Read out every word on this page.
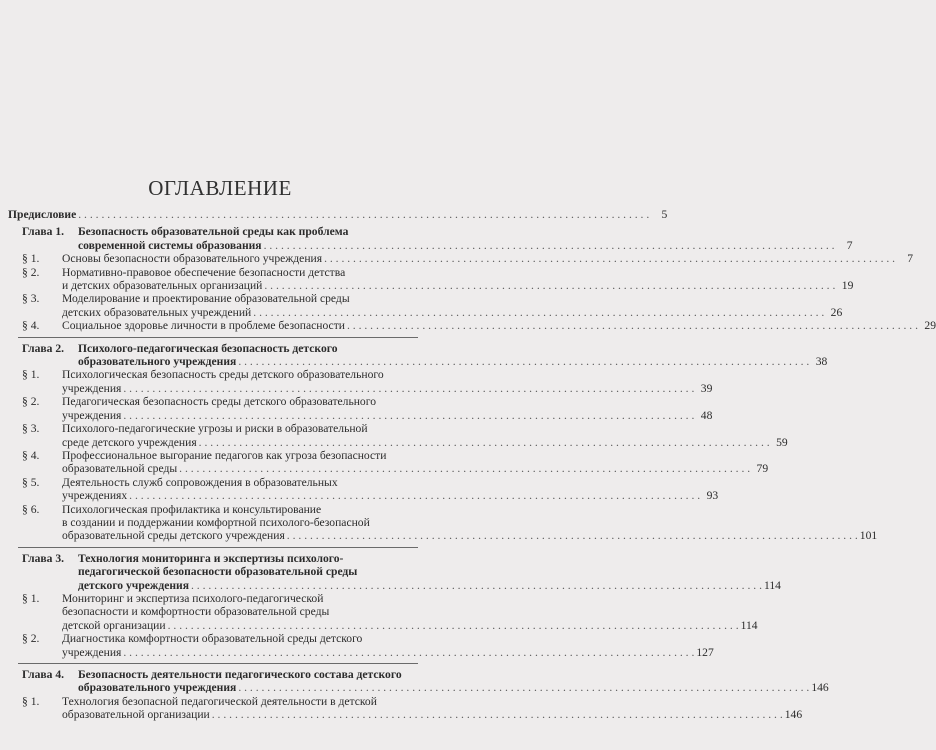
ОГЛАВЛЕНИЕ
Предисловие . . .	5
Глава 1.	Безопасность образовательной среды как проблема
современной системы образования . . .	7
§ 1.	Основы безопасности образовательного учреждения . . .	7
§ 2.	Нормативно-правовое обеспечение безопасности детства
и детских образовательных организаций . . .	19
§ 3.	Моделирование и проектирование образовательной среды
детских образовательных учреждений . . .	26
§ 4.	Социальное здоровье личности в проблеме безопасности . . .	29
Глава 2.	Психолого-педагогическая безопасность детского
образовательного учреждения . . .	38
§ 1.	Психологическая безопасность среды детского образовательного
учреждения . . .	39
§ 2.	Педагогическая безопасность среды детского образовательного
учреждения . . .	48
§ 3.	Психолого-педагогические угрозы и риски в образовательной
среде детского учреждения . . .	59
§ 4.	Профессиональное выгорание педагогов как угроза безопасности
образовательной среды . . .	79
§ 5.	Деятельность служб сопровождения в образовательных
учреждениях . . .	93
§ 6.	Психологическая профилактика и консультирование
в создании и поддержании комфортной психолого-безопасной
образовательной среды детского учреждения . . .	101
Глава 3.	Технология мониторинга и экспертизы психолого-
педагогической безопасности образовательной среды
детского учреждения . . .	114
§ 1.	Мониторинг и экспертиза психолого-педагогической
безопасности и комфортности образовательной среды
детской организации . . .	114
§ 2.	Диагностика комфортности образовательной среды детского
учреждения . . .	127
Глава 4.	Безопасность деятельности педагогического состава детского
образовательного учреждения . . .	146
§ 1.	Технология безопасной педагогической деятельности в детской
образовательной организации . . .	146
